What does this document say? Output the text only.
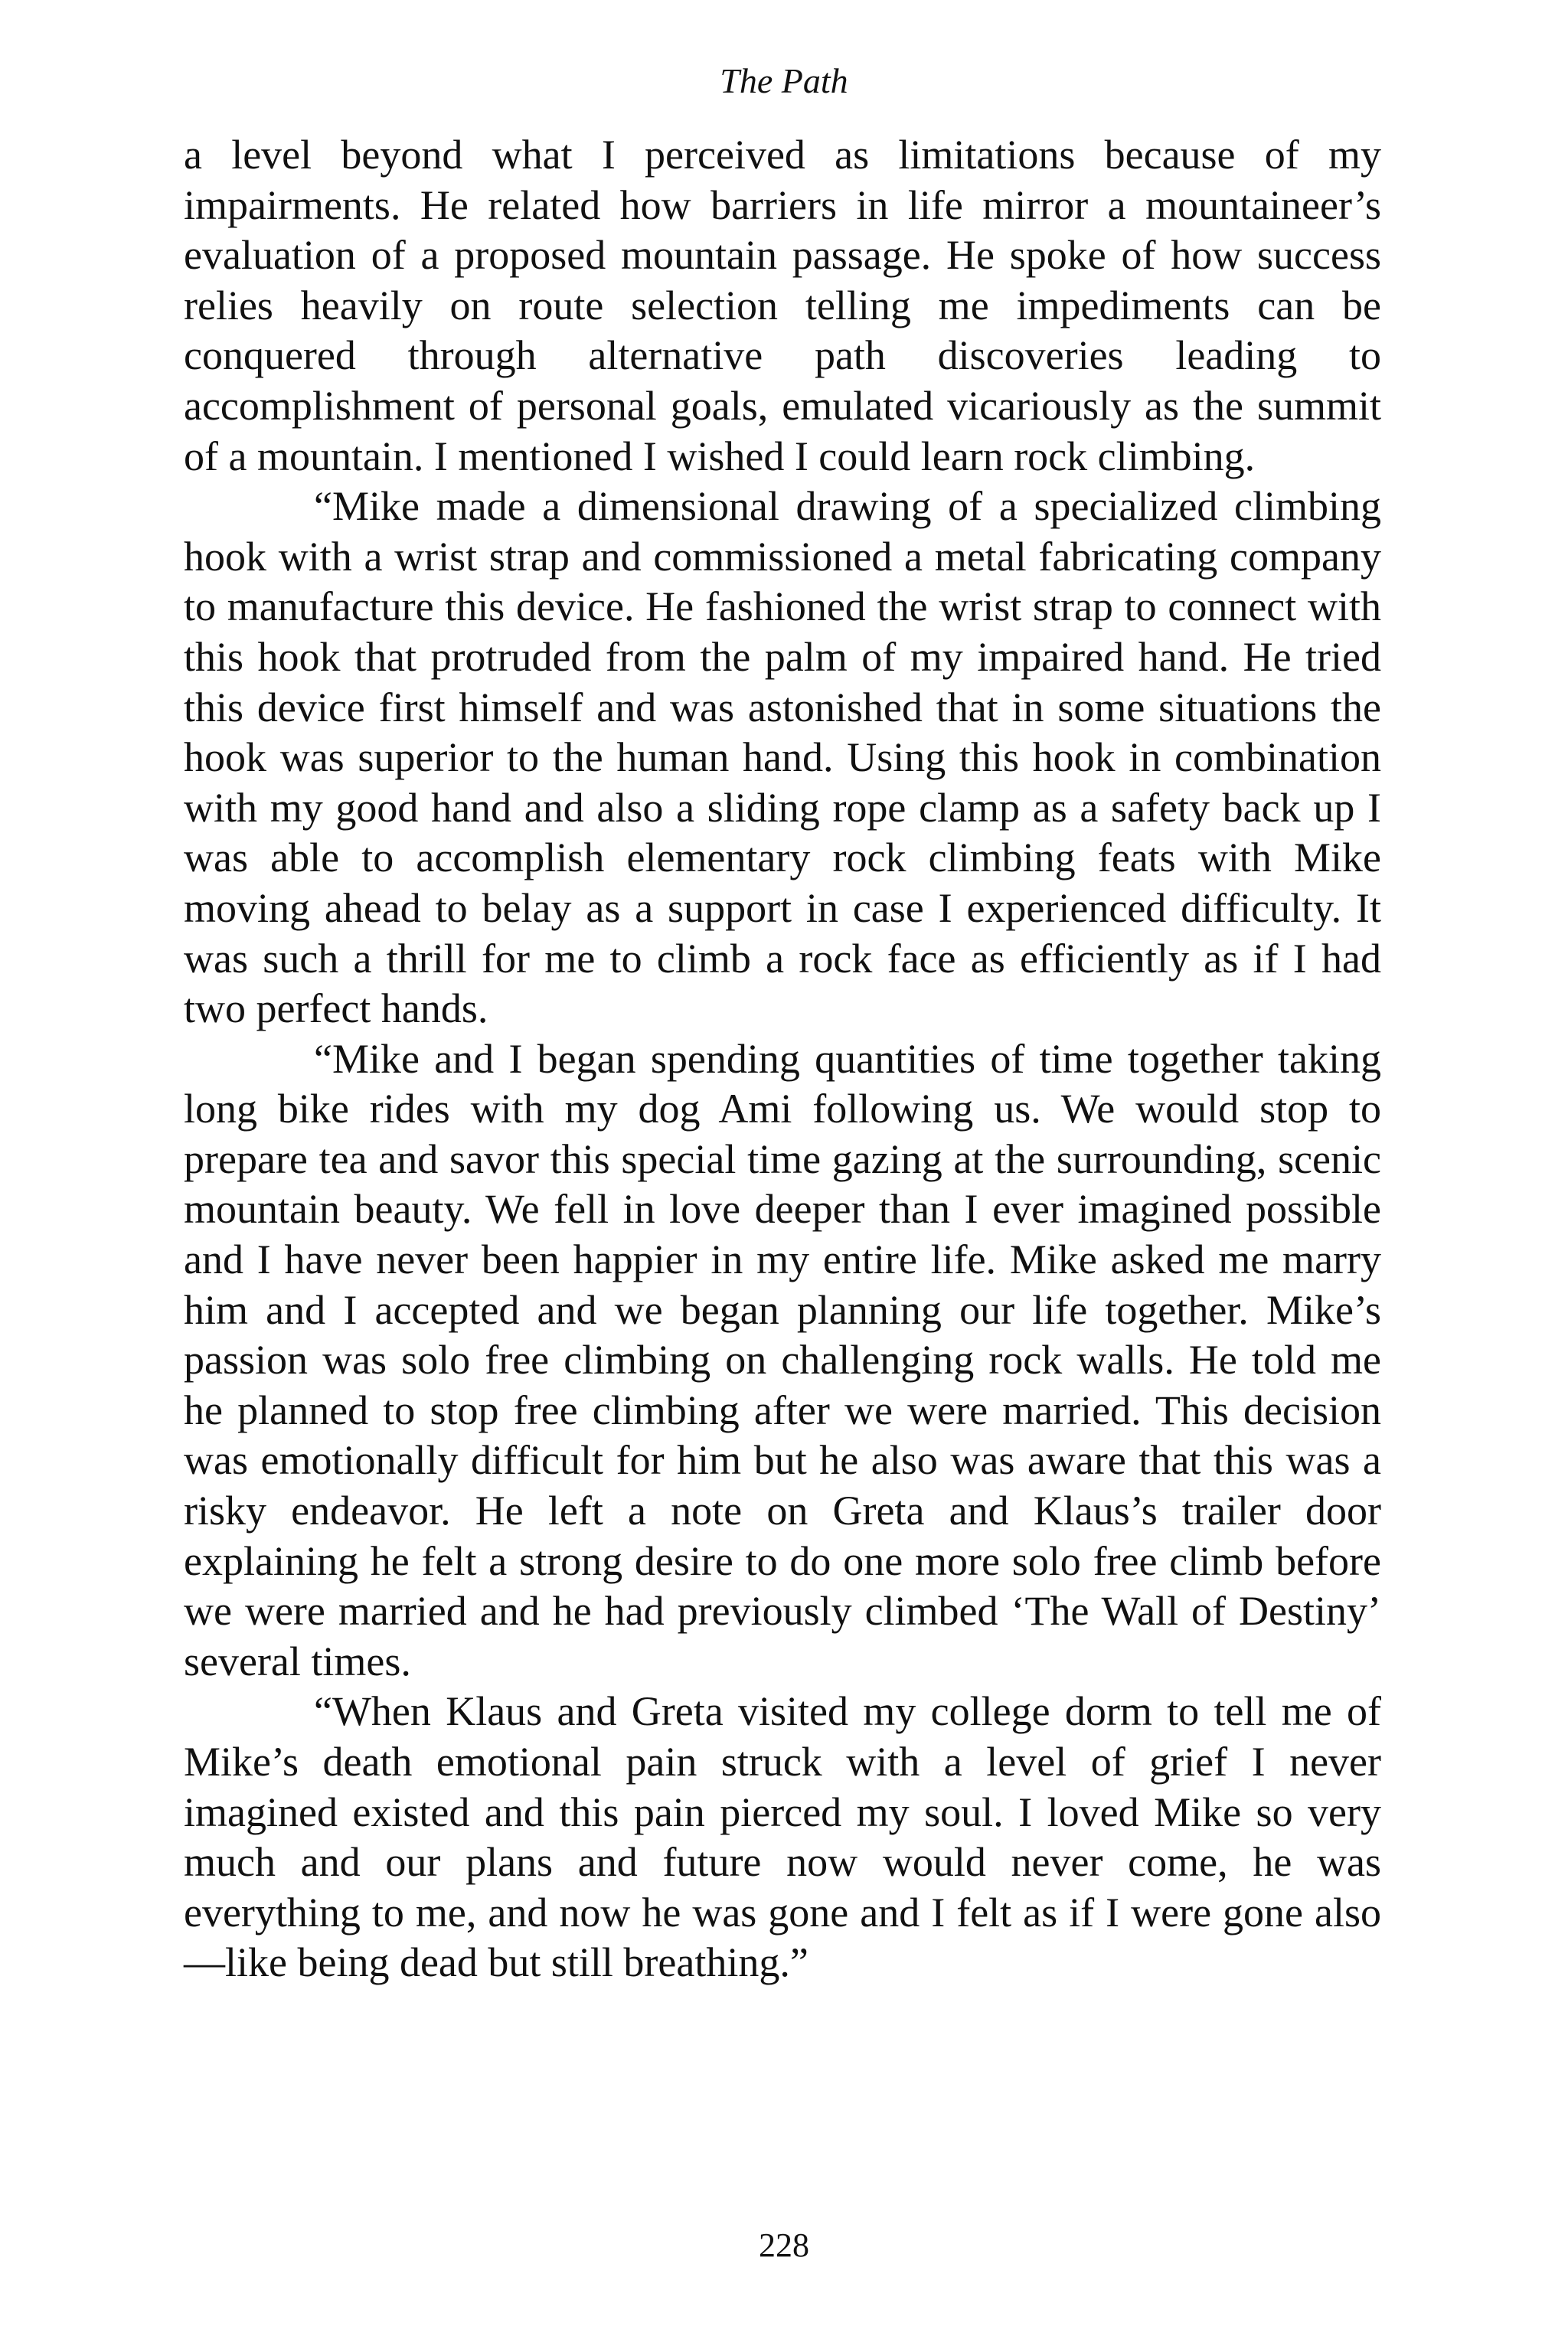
The Path

a level beyond what I perceived as limitations because of my impairments. He related how barriers in life mirror a mountaineer’s evaluation of a proposed mountain passage. He spoke of how success relies heavily on route selection telling me impediments can be conquered through alternative path discoveries leading to accomplishment of personal goals, emulated vicariously as the summit of a mountain. I mentioned I wished I could learn rock climbing.

“Mike made a dimensional drawing of a specialized climbing hook with a wrist strap and commissioned a metal fabricating company to manufacture this device. He fashioned the wrist strap to connect with this hook that protruded from the palm of my impaired hand. He tried this device first himself and was astonished that in some situations the hook was superior to the human hand. Using this hook in combination with my good hand and also a sliding rope clamp as a safety back up I was able to accomplish elementary rock climbing feats with Mike moving ahead to belay as a support in case I experienced difficulty. It was such a thrill for me to climb a rock face as efficiently as if I had two perfect hands.

“Mike and I began spending quantities of time together taking long bike rides with my dog Ami following us. We would stop to prepare tea and savor this special time gazing at the surrounding, scenic mountain beauty. We fell in love deeper than I ever imagined possible and I have never been happier in my entire life. Mike asked me marry him and I accepted and we began planning our life together. Mike’s passion was solo free climbing on challenging rock walls. He told me he planned to stop free climbing after we were married. This decision was emotionally difficult for him but he also was aware that this was a risky endeavor. He left a note on Greta and Klaus’s trailer door explaining he felt a strong desire to do one more solo free climb before we were married and he had previously climbed ‘The Wall of Destiny’ several times.

“When Klaus and Greta visited my college dorm to tell me of Mike’s death emotional pain struck with a level of grief I never imagined existed and this pain pierced my soul. I loved Mike so very much and our plans and future now would never come, he was everything to me, and now he was gone and I felt as if I were gone also—like being dead but still breathing.”

228
